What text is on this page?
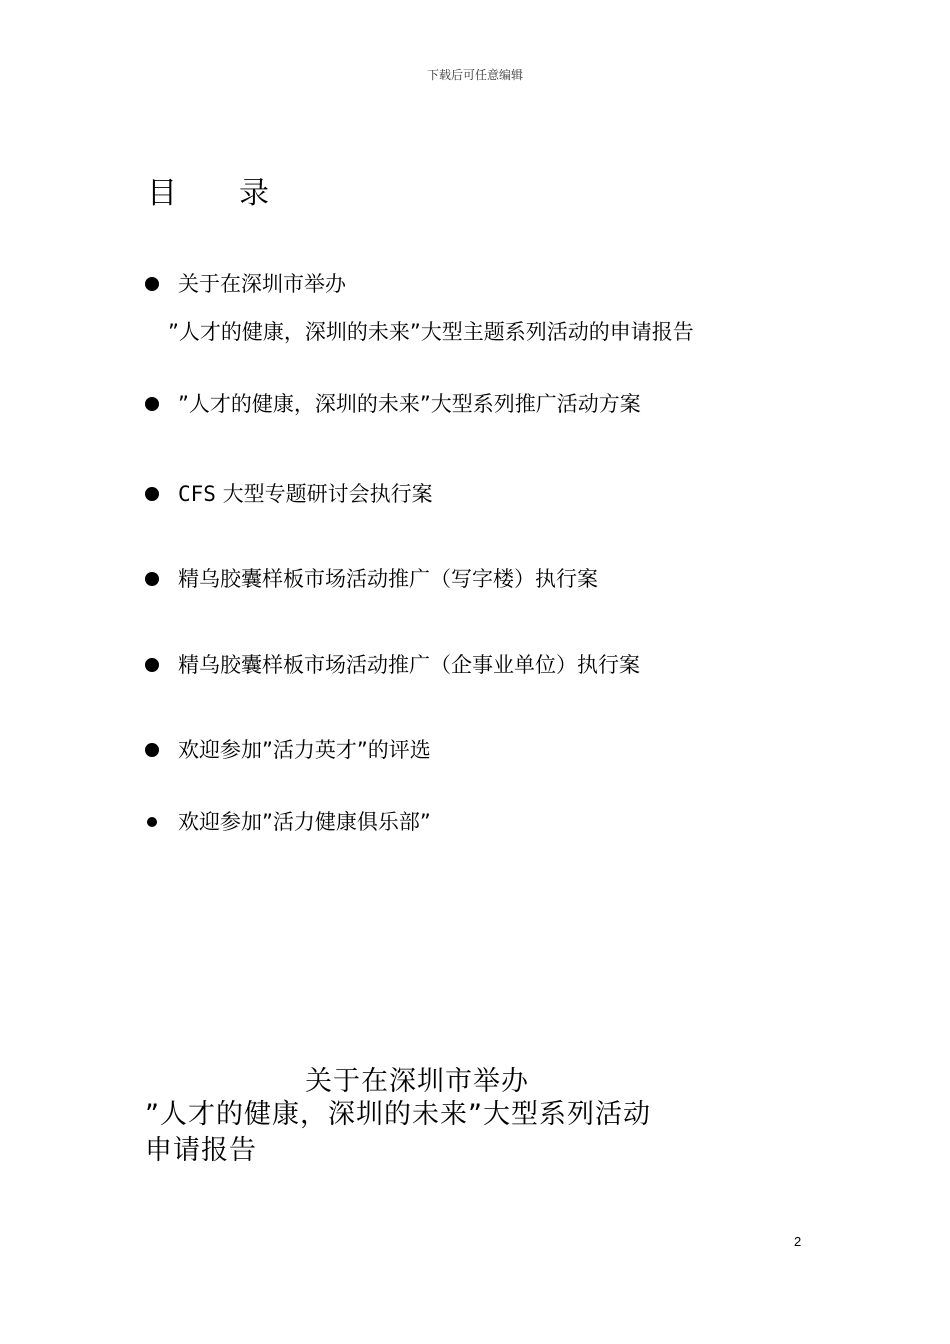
下载后可任意编辑
目录
关于在深圳市举办
”人才的健康，深圳的未来”大型主题系列活动的申请报告
”人才的健康，深圳的未来”大型系列推广活动方案
CFS 大型专题研讨会执行案
精乌胶囊样板市场活动推广（写字楼）执行案
精乌胶囊样板市场活动推广（企事业单位）执行案
欢迎参加”活力英才”的评选
欢迎参加”活力健康俱乐部”
关于在深圳市举办
”人才的健康，深圳的未来”大型系列活动
申请报告
2
